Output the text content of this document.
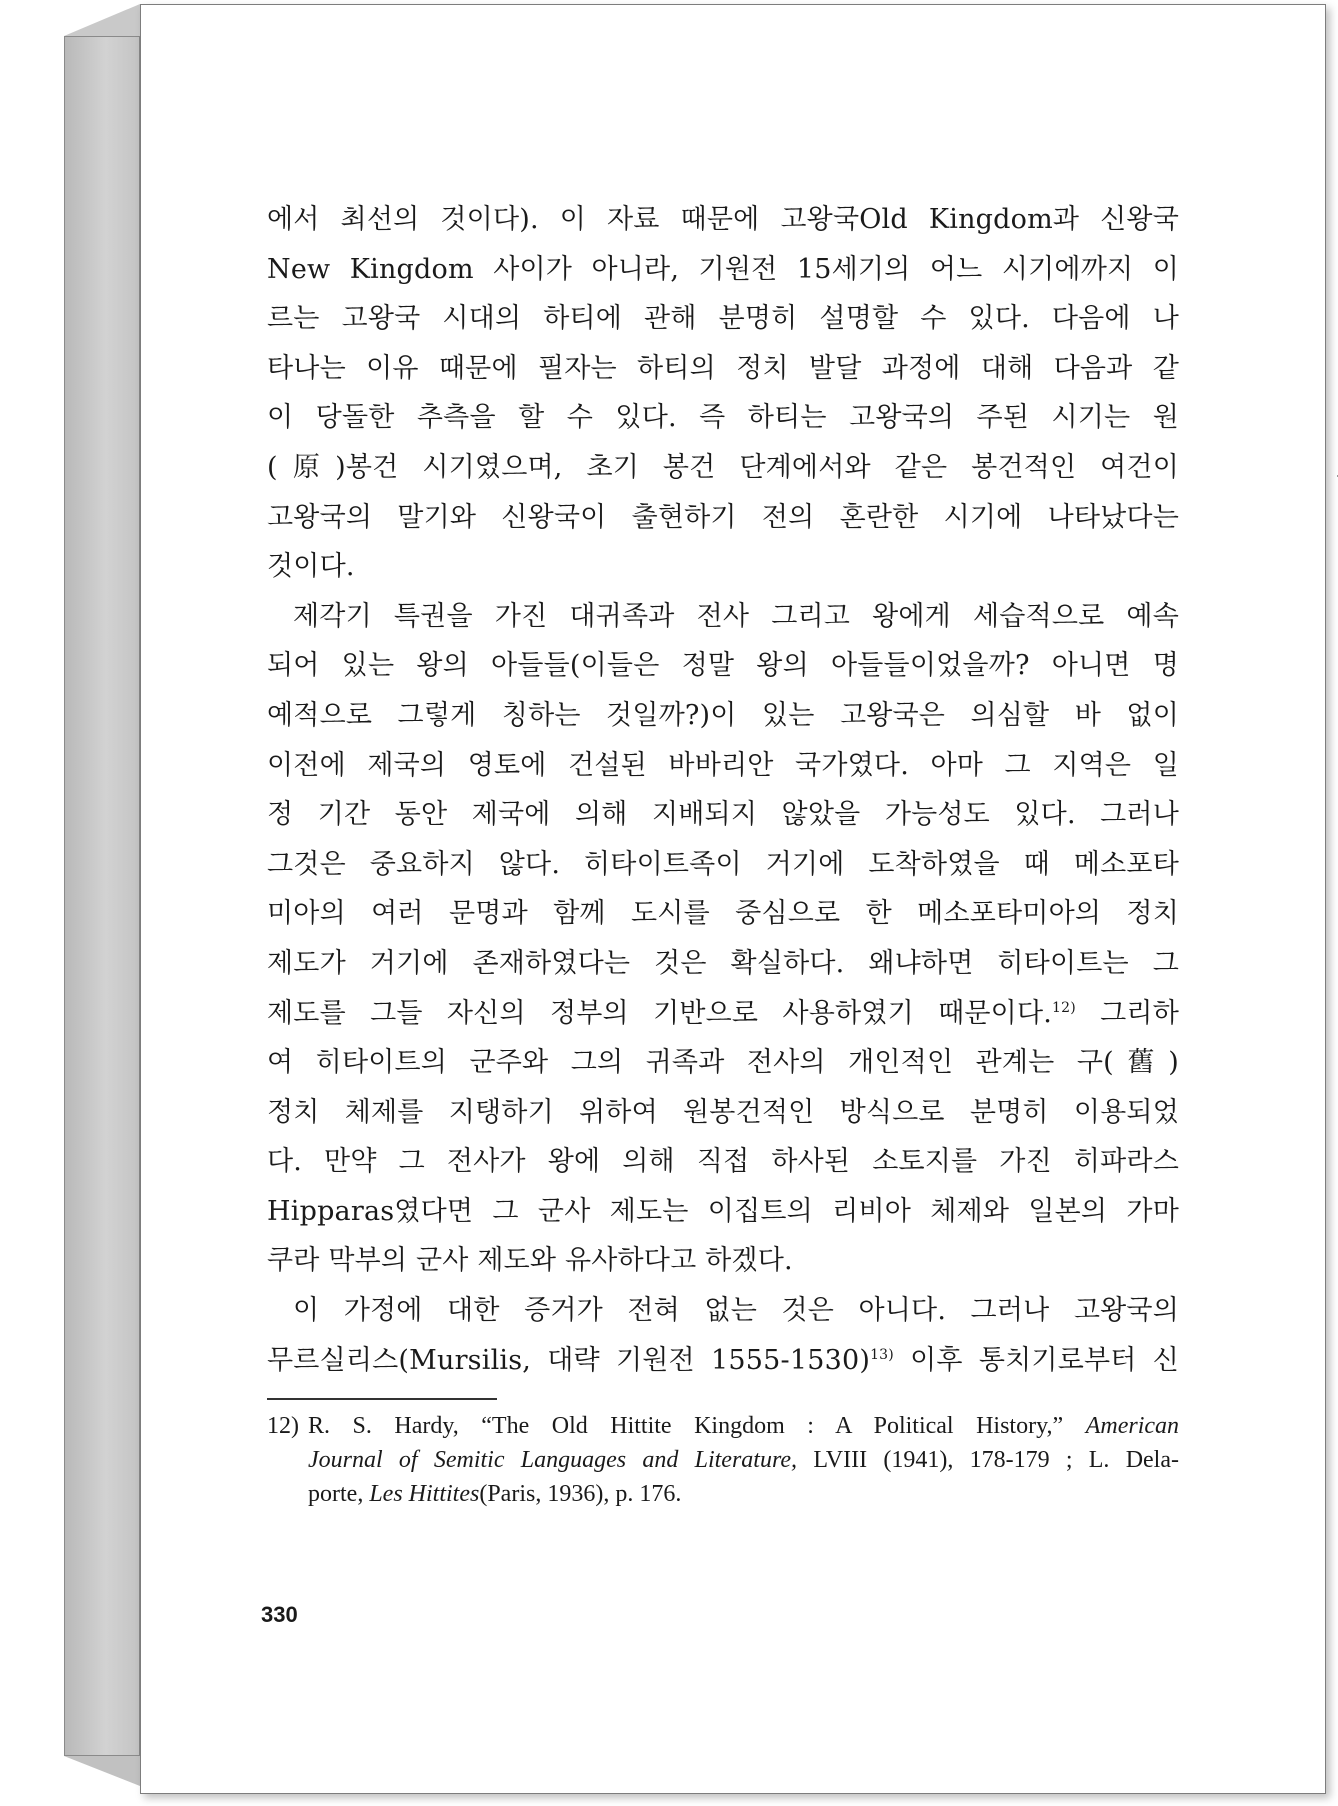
에서 최선의 것이다). 이 자료 때문에 고왕국Old Kingdom과 신왕국
New Kingdom 사이가 아니라, 기원전 15세기의 어느 시기에까지 이
르는 고왕국 시대의 하티에 관해 분명히 설명할 수 있다. 다음에 나
타나는 이유 때문에 필자는 하티의 정치 발달 과정에 대해 다음과 같
이 당돌한 추측을 할 수 있다. 즉 하티는 고왕국의 주된 시기는 원
(原)봉건 시기였으며, 초기 봉건 단계에서와 같은 봉건적인 여건이
고왕국의 말기와 신왕국이 출현하기 전의 혼란한 시기에 나타났다는
것이다.
제각기 특권을 가진 대귀족과 전사 그리고 왕에게 세습적으로 예속
되어 있는 왕의 아들들(이들은 정말 왕의 아들들이었을까? 아니면 명
예적으로 그렇게 칭하는 것일까?)이 있는 고왕국은 의심할 바 없이
이전에 제국의 영토에 건설된 바바리안 국가였다. 아마 그 지역은 일
정 기간 동안 제국에 의해 지배되지 않았을 가능성도 있다. 그러나
그것은 중요하지 않다. 히타이트족이 거기에 도착하였을 때 메소포타
미아의 여러 문명과 함께 도시를 중심으로 한 메소포타미아의 정치
제도가 거기에 존재하였다는 것은 확실하다. 왜냐하면 히타이트는 그
제도를 그들 자신의 정부의 기반으로 사용하였기 때문이다.$^{12)}$ 그리하
여 히타이트의 군주와 그의 귀족과 전사의 개인적인 관계는 구(舊)
정치 체제를 지탱하기 위하여 원봉건적인 방식으로 분명히 이용되었
다. 만약 그 전사가 왕에 의해 직접 하사된 소토지를 가진 히파라스
Hipparas였다면 그 군사 제도는 이집트의 리비아 체제와 일본의 가마
쿠라 막부의 군사 제도와 유사하다고 하겠다.
이 가정에 대한 증거가 전혀 없는 것은 아니다. 그러나 고왕국의
무르실리스(Mursilis, 대략 기원전 1555-1530)$^{13)}$ 이후 통치기로부터 신
12) R. S. Hardy, “The Old Hittite Kingdom : A Political History,” American
Journal of Semitic Languages and Literature, LVIII (1941), 178-179 ; L. Dela-
porte, Les Hittites(Paris, 1936), p. 176.
330
